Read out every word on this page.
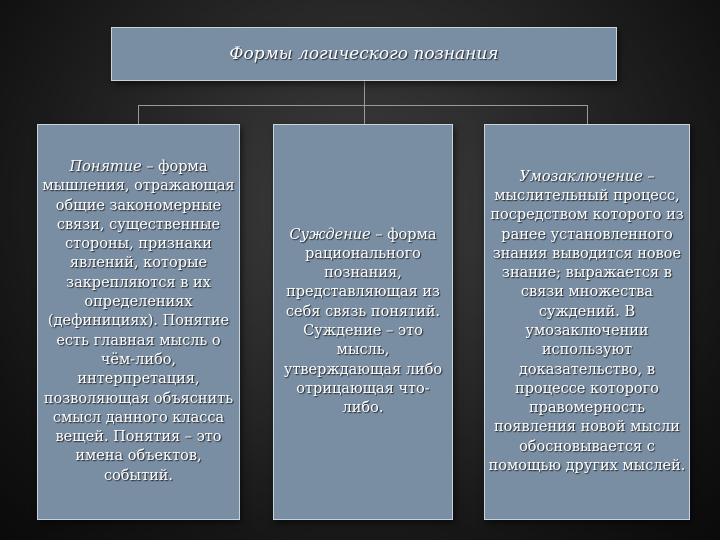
Формы логического познания
Понятие – форма мышления, отражающая общие закономерные связи, существенные стороны, признаки явлений, которые закрепляются в их определениях (дефинициях). Понятие есть главная мысль о чём-либо, интерпретация, позволяющая объяснить смысл данного класса вещей. Понятия – это имена объектов, событий.
Суждение – форма рационального познания, представляющая из себя связь понятий. Суждение – это мысль, утверждающая либо отрицающая что-либо.
Умозаключение – мыслительный процесс, посредством которого из ранее установленного знания выводится новое знание; выражается в связи множества суждений. В умозаключении используют доказательство, в процессе которого правомерность появления новой мысли обосновывается с помощью других мыслей.
